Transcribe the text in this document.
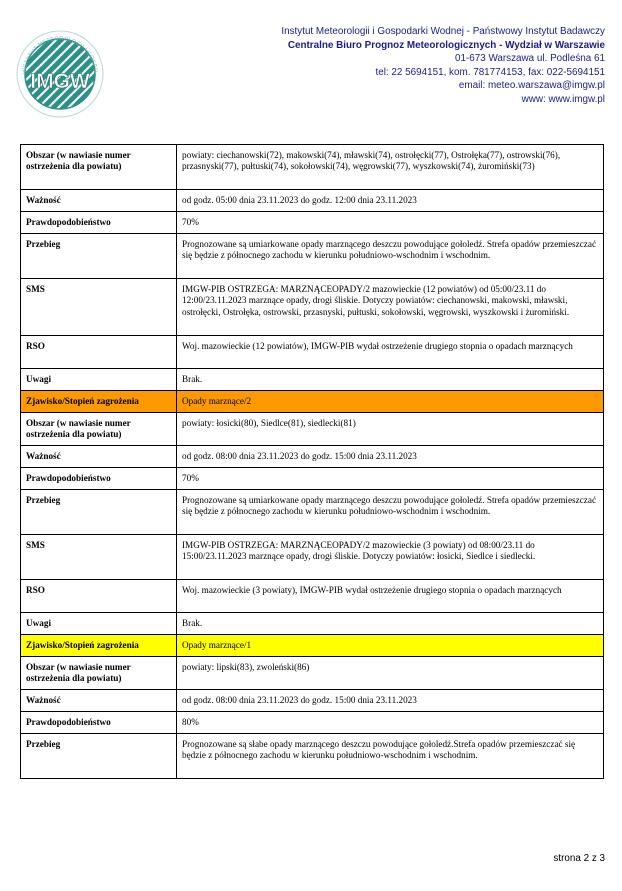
INSTYTUT METEOROLOGII I GOSPO
IMGW
Instytut Meteorologii i Gospodarki Wodnej - Państwowy Instytut Badawczy
Centralne Biuro Prognoz Meteorologicznych - Wydział w Warszawie
01-673 Warszawa ul. Podleśna 61
tel: 22 5694151, kom. 781774153, fax: 022-5694151
email: meteo.warszawa@imgw.pl
www: www.imgw.pl
Obszar (w nawiasie numer ostrzeżenia dla powiatu)	powiaty: ciechanowski(72), makowski(74), mławski(74), ostrołęcki(77), Ostrołęka(77), ostrowski(76), przasnyski(77), pułtuski(74), sokołowski(74), węgrowski(77), wyszkowski(74), żuromiński(73)
Ważność	od godz. 05:00 dnia 23.11.2023 do godz. 12:00 dnia 23.11.2023
Prawdopodobieństwo	70%
Przebieg	Prognozowane są umiarkowane opady marznącego deszczu powodujące gołoledź. Strefa opadów przemieszczać się będzie z północnego zachodu w kierunku południowo-wschodnim i wschodnim.
SMS	IMGW-PIB OSTRZEGA: MARZNĄCEOPADY/2 mazowieckie (12 powiatów) od 05:00/23.11 do 12:00/23.11.2023 marznące opady, drogi śliskie. Dotyczy powiatów: ciechanowski, makowski, mławski, ostrołęcki, Ostrołęka, ostrowski, przasnyski, pułtuski, sokołowski, węgrowski, wyszkowski i żuromiński.
RSO	Woj. mazowieckie (12 powiatów), IMGW-PIB wydał ostrzeżenie drugiego stopnia o opadach marznących
Uwagi	Brak.
Zjawisko/Stopień zagrożenia	Opady marznące/2
Obszar (w nawiasie numer ostrzeżenia dla powiatu)	powiaty: łosicki(80), Siedlce(81), siedlecki(81)
Ważność	od godz. 08:00 dnia 23.11.2023 do godz. 15:00 dnia 23.11.2023
Prawdopodobieństwo	70%
Przebieg	Prognozowane są umiarkowane opady marznącego deszczu powodujące gołoledź. Strefa opadów przemieszczać się będzie z północnego zachodu w kierunku południowo-wschodnim i wschodnim.
SMS	IMGW-PIB OSTRZEGA: MARZNĄCEOPADY/2 mazowieckie (3 powiaty) od 08:00/23.11 do 15:00/23.11.2023 marznące opady, drogi śliskie. Dotyczy powiatów: łosicki, Siedlce i siedlecki.
RSO	Woj. mazowieckie (3 powiaty), IMGW-PIB wydał ostrzeżenie drugiego stopnia o opadach marznących
Uwagi	Brak.
Zjawisko/Stopień zagrożenia	Opady marznące/1
Obszar (w nawiasie numer ostrzeżenia dla powiatu)	powiaty: lipski(83), zwoleński(86)
Ważność	od godz. 08:00 dnia 23.11.2023 do godz. 15:00 dnia 23.11.2023
Prawdopodobieństwo	80%
Przebieg	Prognozowane są słabe opady marznącego deszczu powodujące gołoledź.Strefa opadów przemieszczać się będzie z północnego zachodu w kierunku południowo-wschodnim i wschodnim.
strona 2 z 3
